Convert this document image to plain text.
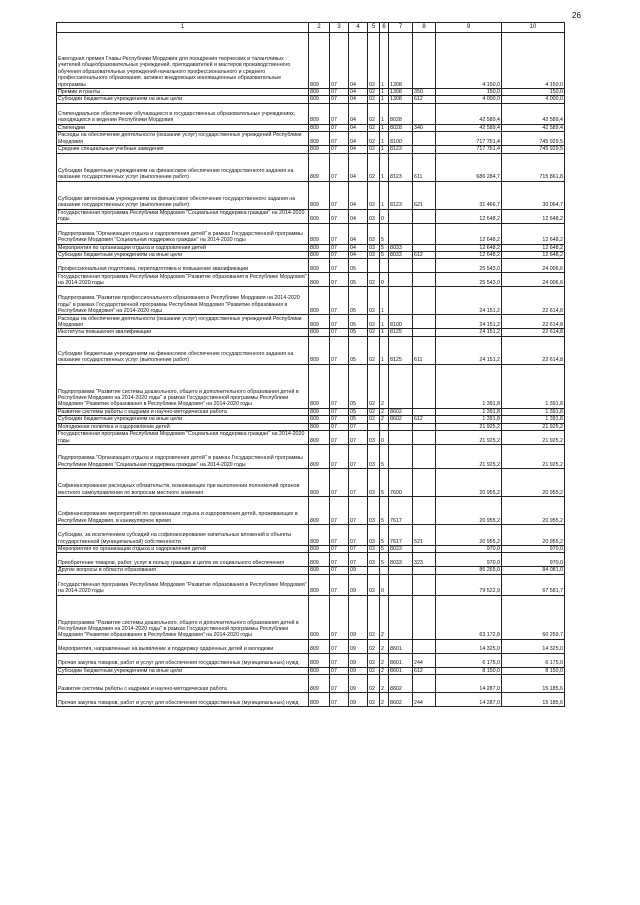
26
1	2	3	4	5	6	7	8	9	10
Ежегодная премия Главы Республики Мордовия для поощрения творческих и талантливых учителей общеобразовательных учреждений, преподавателей и мастеров производственного обучения образовательных учреждений начального профессионального и среднего профессионального образования, активно внедряющих инновационные образовательные программы	809	07	04	02	1	1308		4 150,0	4 150,0
Премии и гранты	809	07	04	02	1	1308	350	150,0	150,0
Субсидии бюджетным учреждениям на иные цели	809	07	04	02	1	1308	612	4 000,0	4 000,0
Стипендиальное обеспечение обучающихся в государственных образовательных учреждениях, находящихся в ведении Республики Мордовия	809	07	04	02	1	8028		42 589,4	42 589,4
Стипендии	809	07	04	02	1	8028	340	42 589,4	42 589,4
Расходы на обеспечение деятельности (оказание услуг) государственных учреждений Республики Мордовия	809	07	04	02	1	8100		717 751,4	745 929,5
Средние специальные учебные заведения	809	07	04	02	1	8123		717 751,4	745 929,5
Субсидии бюджетным учреждениям на финансовое обеспечение государственного задания на оказание государственных услуг (выполнение работ)	809	07	04	02	1	8123	611	686 284,7	715 861,8
Субсидии автономным учреждениям на финансовое обеспечение государственного задания на оказание государственных услуг (выполнение работ)	809	07	04	02	1	8123	621	31 466,7	30 064,7
Государственная программа Республики Мордовия "Социальная поддержка граждан" на 2014-2020 годы	809	07	04	03	0			12 648,2	12 648,2
Подпрограмма "Организация отдыха и оздоровления детей" в рамках Государственной программы Республики Мордовия "Социальная поддержка граждан" на 2014-2020 годы	809	07	04	03	5			12 648,2	12 648,2
Мероприятия по организации отдыха и оздоровления детей	809	07	04	03	5	8033		12 648,2	12 648,2
Субсидии бюджетным учреждениям на иные цели	809	07	04	03	5	8033	612	12 648,2	12 648,2
Профессиональная подготовка, переподготовка и повышение квалификации	809	07	05					25 543,0	24 006,6
Государственная программа Республики Мордовия "Развитие образования в Республике Мордовия" на 2014-2020 годы	809	07	05	02	0			25 543,0	24 006,6
Подпрограмма "Развитие профессионального образования в Республике Мордовия на 2014-2020 годы" в рамках Государственной программы Республики Мордовия "Развитие образования в Республике Мордовия" на 2014-2020 годы	809	07	05	02	1			24 151,2	22 614,8
Расходы на обеспечение деятельности (оказание услуг) государственных учреждений Республики Мордовия	809	07	05	02	1	8100		24 151,2	22 614,8
Институты повышения квалификации	809	07	05	02	1	8125		24 151,2	22 614,8
Субсидии бюджетным учреждениям на финансовое обеспечение государственного задания на оказание государственных услуг (выполнение работ)	809	07	05	02	1	8125	611	24 151,2	22 614,8
Подпрограмма "Развитие системы дошкольного, общего и дополнительного образования детей в Республике Мордовия на 2014-2020 годы" в рамках Государственной программы Республики Мордовия "Развитие образования в Республике Мордовия" на 2014-2020 годы	809	07	05	02	2			1 391,8	1 391,8
Развитие системы работы с кадрами и научно-методическая работа	809	07	05	02	2	8602		1 391,8	1 391,8
Субсидии бюджетным учреждениям на иные цели	809	07	05	02	2	8602	612	1 391,8	1 391,8
Молодежная политика и оздоровление детей	809	07	07					21 925,2	21 925,2
Государственная программа Республики Мордовия "Социальная поддержка граждан" на 2014-2020 годы	809	07	07	03	0			21 925,2	21 925,2
Подпрограмма "Организация отдыха и оздоровления детей" в рамках Государственной программы Республики Мордовия "Социальная поддержка граждан" на 2014-2020 годы	809	07	07	03	5			21 925,2	21 925,2
Софинансирование расходных обязательств, возникающих при выполнении полномочий органов местного самоуправления по вопросам местного значения	809	07	07	03	5	7600		20 955,2	20 955,2
Софинансирование мероприятий по организации отдыха и оздоровления детей, проживающих в Республике Мордовия, в каникулярное время	809	07	07	03	5	7617		20 955,2	20 955,2
Субсидии, за исключением субсидий на софинансирование капитальных вложений в объекты государственной (муниципальной) собственности	809	07	07	03	5	7617	521	20 955,2	20 955,2
Мероприятия по организации отдыха и оздоровления детей	809	07	07	03	5	8033		970,0	970,0
Приобретение товаров, работ, услуг в пользу граждан в целях их социального обеспечения	809	07	07	03	5	8033	323	970,0	970,0
Другие вопросы в области образования	809	07	09					86 265,0	84 081,0
Государственная программа Республики Мордовия "Развитие образования в Республике Мордовия" на 2014-2020 годы	809	07	09	02	0			79 522,9	67 581,7
Подпрограмма "Развитие системы дошкольного, общего и дополнительного образования детей в Республике Мордовия на 2014-2020 годы" в рамках Государственной программы Республики Мордовия "Развитие образования в Республике Мордовия" на 2014-2020 годы	809	07	09	02	2			63 172,8	60 259,7
Мероприятия, направленные на выявление и поддержку одаренных детей и молодежи	809	07	09	02	2	8601		14 325,0	14 325,0
Прочая закупка товаров, работ и услуг для обеспечения государственных (муниципальных) нужд	809	07	09	02	2	8601	244	6 175,0	6 175,0
Субсидии бюджетным учреждениям на иные цели	809	07	09	02	2	8601	612	8 150,0	8 150,0
Развитие системы работы с кадрами и научно-методическая работа	809	07	09	02	2	8602		14 287,0	15 185,6
Прочая закупка товаров, работ и услуг для обеспечения государственных (муниципальных) нужд	809	07	09	02	2	8602	244	14 287,0	15 185,6
